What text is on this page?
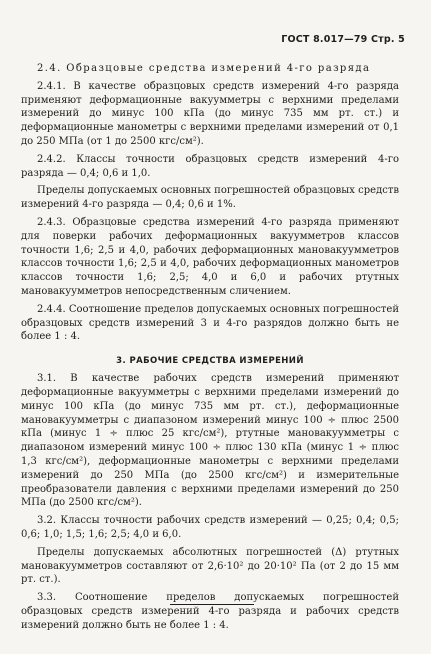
ГОСТ 8.017—79 Стр. 5

2.4. Образцовые средства измерений 4-го разряда

2.4.1. В качестве образцовых средств измерений 4-го разряда применяют деформационные вакуумметры с верхними пределами измерений до минус 100 кПа (до минус 735 мм рт. ст.) и деформационные манометры с верхними пределами измерений от 0,1 до 250 МПа (от 1 до 2500 кгс/см²).

2.4.2. Классы точности образцовых средств измерений 4-го разряда — 0,4; 0,6 и 1,0.

Пределы допускаемых основных погрешностей образцовых средств измерений 4-го разряда — 0,4; 0,6 и 1%.

2.4.3. Образцовые средства измерений 4-го разряда применяют для поверки рабочих деформационных вакуумметров классов точности 1,6; 2,5 и 4,0, рабочих деформационных мановакуумметров классов точности 1,6; 2,5 и 4,0, рабочих деформационных манометров классов точности 1,6; 2,5; 4,0 и 6,0 и рабочих ртутных мановакуумметров непосредственным сличением.

2.4.4. Соотношение пределов допускаемых основных погрешностей образцовых средств измерений 3 и 4-го разрядов должно быть не более 1 : 4.

3. РАБОЧИЕ СРЕДСТВА ИЗМЕРЕНИЙ

3.1. В качестве рабочих средств измерений применяют деформационные вакуумметры с верхними пределами измерений до минус 100 кПа (до минус 735 мм рт. ст.), деформационные мановакуумметры с диапазоном измерений минус 100 ÷ плюс 2500 кПа (минус 1 ÷ плюс 25 кгс/см²), ртутные мановакуумметры с диапазоном измерений минус 100 ÷ плюс 130 кПа (минус 1 ÷ плюс 1,3 кгс/см²), деформационные манометры с верхними пределами измерений до 250 МПа (до 2500 кгс/см²) и измерительные преобразователи давления с верхними пределами измерений до 250 МПа (до 2500 кгс/см²).

3.2. Классы точности рабочих средств измерений — 0,25; 0,4; 0,5; 0,6; 1,0; 1,5; 1,6; 2,5; 4,0 и 6,0.

Пределы допускаемых абсолютных погрешностей (Δ) ртутных мановакуумметров составляют от 2,6·10² до 20·10² Па (от 2 до 15 мм рт. ст.).

3.3. Соотношение пределов допускаемых погрешностей образцовых средств измерений 4-го разряда и рабочих средств измерений должно быть не более 1 : 4.
